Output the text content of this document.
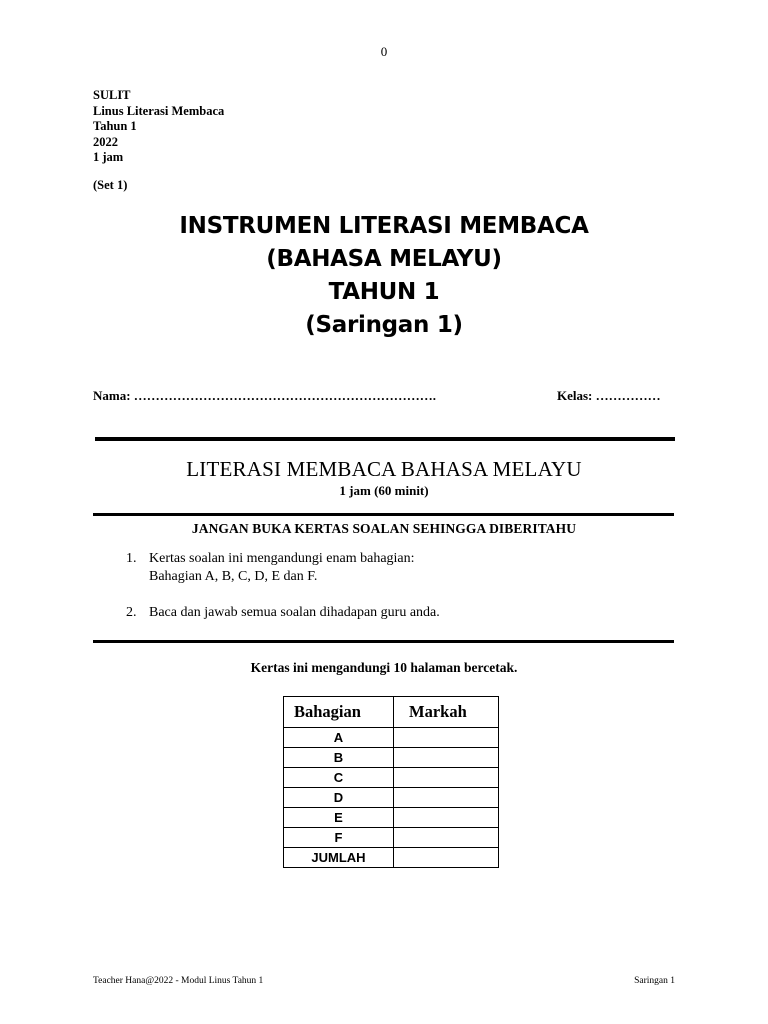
0
SULIT
Linus Literasi Membaca
Tahun 1
2022
1 jam
(Set 1)
INSTRUMEN LITERASI MEMBACA
(BAHASA MELAYU)
TAHUN 1
(Saringan 1)
Nama: …………………………………………………………….	Kelas: ……………
LITERASI MEMBACA BAHASA MELAYU
1 jam (60 minit)
JANGAN BUKA KERTAS SOALAN SEHINGGA DIBERITAHU
1. Kertas soalan ini mengandungi enam bahagian:
Bahagian A, B, C, D, E dan F.
2. Baca dan jawab semua soalan dihadapan guru anda.
Kertas ini mengandungi 10 halaman bercetak.
Bahagian	Markah
A	
B	
C	
D	
E	
F	
JUMLAH	
Teacher Hana@2022 - Modul Linus Tahun 1	Saringan 1
